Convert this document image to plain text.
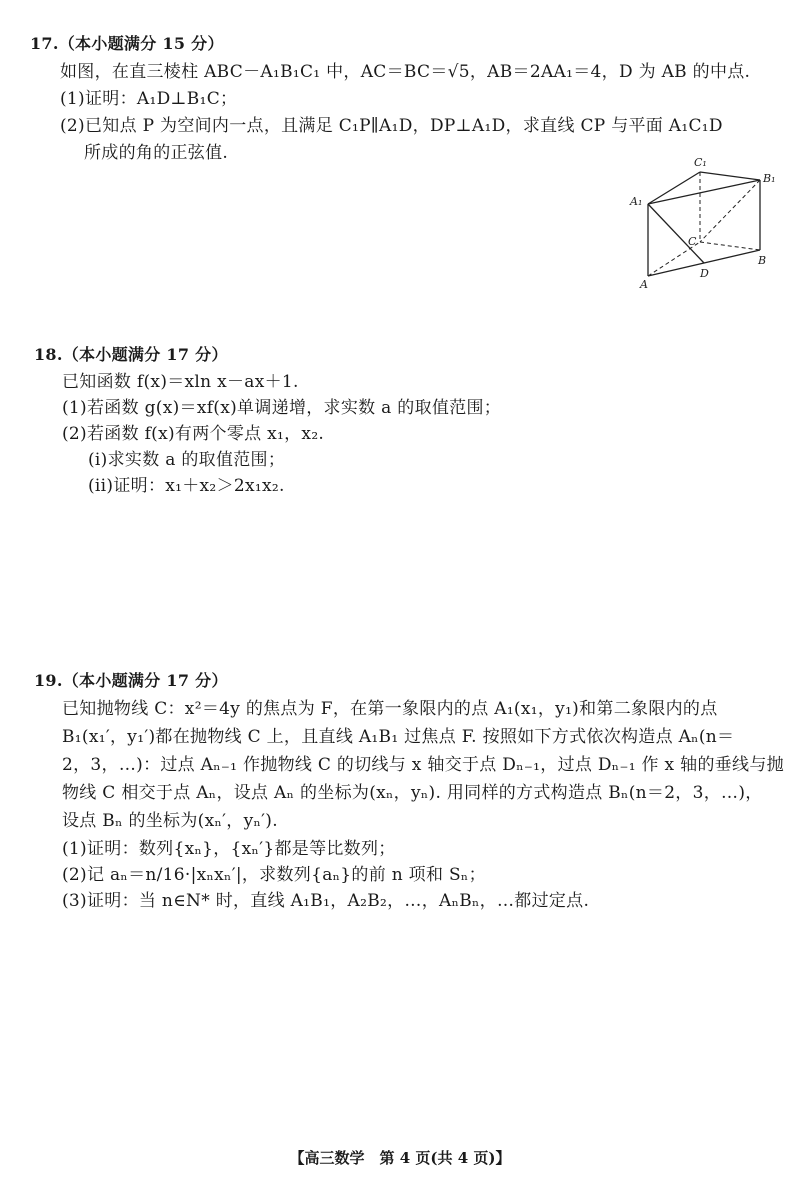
17.（本小题满分 15 分）
如图，在直三棱柱 ABC－A₁B₁C₁ 中，AC＝BC＝√5，AB＝2AA₁＝4，D 为 AB 的中点.
(1)证明：A₁D⊥B₁C；
(2)已知点 P 为空间内一点，且满足 C₁P∥A₁D，DP⊥A₁D，求直线 CP 与平面 A₁C₁D
所成的角的正弦值.	C₁
B₁
A₁
C
D
B
A
18.（本小题满分 17 分）
已知函数 f(x)＝xln x－ax＋1.
(1)若函数 g(x)＝xf(x)单调递增，求实数 a 的取值范围；
(2)若函数 f(x)有两个零点 x₁，x₂.
(i)求实数 a 的取值范围；
(ii)证明：x₁＋x₂＞2x₁x₂.
19.（本小题满分 17 分）
已知抛物线 C：x²＝4y 的焦点为 F，在第一象限内的点 A₁(x₁，y₁)和第二象限内的点
B₁(x₁′，y₁′)都在抛物线 C 上，且直线 A₁B₁ 过焦点 F. 按照如下方式依次构造点 Aₙ(n＝
2，3，…)：过点 Aₙ₋₁ 作抛物线 C 的切线与 x 轴交于点 Dₙ₋₁，过点 Dₙ₋₁ 作 x 轴的垂线与抛
物线 C 相交于点 Aₙ，设点 Aₙ 的坐标为(xₙ，yₙ). 用同样的方式构造点 Bₙ(n＝2，3，…)，
设点 Bₙ 的坐标为(xₙ′，yₙ′).
(1)证明：数列{xₙ}，{xₙ′}都是等比数列；
(2)记 aₙ＝n/16·|xₙxₙ′|，求数列{aₙ}的前 n 项和 Sₙ；
(3)证明：当 n∈N* 时，直线 A₁B₁，A₂B₂，…，AₙBₙ，…都过定点.
【高三数学　第 4 页(共 4 页)】
